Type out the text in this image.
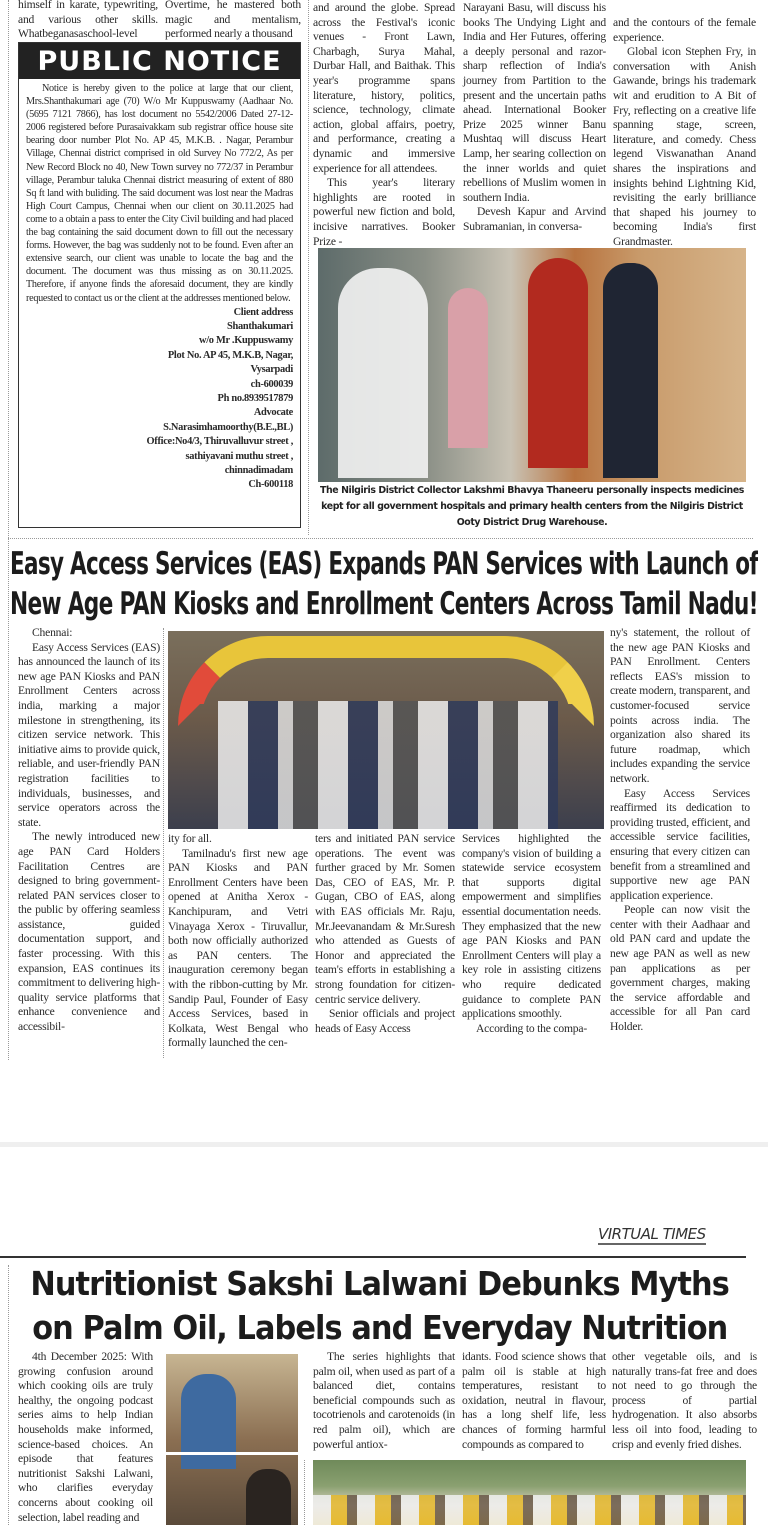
himself in karate, typewriting, and various other skills. Whatbeganasaschool-level

Overtime, he mastered both magic and mentalism, performed nearly a thousand

PUBLIC NOTICE

Notice is hereby given to the police at large that our client, Mrs.Shanthakumari age (70) W/o Mr Kuppuswamy (Aadhaar No. (5695 7121 7866), has lost document no 5542/2006 Dated 27-12-2006 registered before Purasaivakkam sub registrar office house site bearing door number Plot No. AP 45, M.K.B. . Nagar, Perambur Village, Chennai district comprised in old Survey No 772/2, As per New Record Block no 40, New Town survey no 772/37 in Perambur village, Perambur taluka Chennai district measuring of extent of 880 Sq ft land with buliding. The said document was lost near the Madras High Court Campus, Chennai when our client on 30.11.2025 had come to a obtain a pass to enter the City Civil building and had placed the bag containing the said document down to fill out the necessary forms. However, the bag was suddenly not to be found. Even after an extensive search, our client was unable to locate the bag and the document. The document was thus missing as on 30.11.2025. Therefore, if anyone finds the aforesaid document, they are kindly requested to contact us or the client at the addresses mentioned below.

Client address
Shanthakumari
w/o Mr .Kuppuswamy
Plot No. AP 45, M.K.B, Nagar,
Vysarpadi
ch-600039
Ph no.8939517879
Advocate
S.Narasimhamoorthy(B.E.,BL)
Office:No4/3, Thiruvalluvur street ,
sathiyavani muthu street ,
chinnadimadam
Ch-600118

and around the globe. Spread across the Festival's iconic venues - Front Lawn, Charbagh, Surya Mahal, Durbar Hall, and Baithak. This year's programme spans literature, history, politics, science, technology, climate action, global affairs, poetry, and performance, creating a dynamic and immersive experience for all attendees.

This year's literary highlights are rooted in powerful new fiction and bold, incisive narratives. Booker Prize -

Narayani Basu, will discuss his books The Undying Light and India and Her Futures, offering a deeply personal and razor-sharp reflection of India's journey from Partition to the present and the uncertain paths ahead. International Booker Prize 2025 winner Banu Mushtaq will discuss Heart Lamp, her searing collection on the inner worlds and quiet rebellions of Muslim women in southern India.

Devesh Kapur and Arvind Subramanian, in conversa-

and the contours of the female experience.

Global icon Stephen Fry, in conversation with Anish Gawande, brings his trademark wit and erudition to A Bit of Fry, reflecting on a creative life spanning stage, screen, literature, and comedy. Chess legend Viswanathan Anand shares the inspirations and insights behind Lightning Kid, revisiting the early brilliance that shaped his journey to becoming India's first Grandmaster.

The Nilgiris District Collector Lakshmi Bhavya Thaneeru personally inspects medicines kept for all government hospitals and primary health centers from the Nilgiris District Ooty District Drug Warehouse.
Easy Access Services (EAS) Expands PAN Services with Launch of
New Age PAN Kiosks and Enrollment Centers Across Tamil Nadu!

Chennai:

Easy Access Services (EAS) has announced the launch of its new age PAN Kiosks and PAN Enrollment Centers across india, marking a major milestone in strengthening, its citizen service network. This initiative aims to provide quick, reliable, and user-friendly PAN registration facilities to individuals, businesses, and service operators across the state.

The newly introduced new age PAN Card Holders Facilitation Centres are designed to bring government-related PAN services closer to the public by offering seamless assistance, guided documentation support, and faster processing. With this expansion, EAS continues its commitment to delivering high-quality service platforms that enhance convenience and accessibil-

ity for all.

Tamilnadu's first new age PAN Kiosks and PAN Enrollment Centers have been opened at Anitha Xerox - Kanchipuram, and Vetri Vinayaga Xerox - Tiruvallur, both now officially authorized as PAN centers. The inauguration ceremony began with the ribbon-cutting by Mr. Sandip Paul, Founder of Easy Access Services, based in Kolkata, West Bengal who formally launched the cen-

ters and initiated PAN service operations. The event was further graced by Mr. Somen Das, CEO of EAS, Mr. P. Gugan, CBO of EAS, along with EAS officials Mr. Raju, Mr.Jeevanandam & Mr.Suresh who attended as Guests of Honor and appreciated the team's efforts in establishing a strong foundation for citizen-centric service delivery.

Senior officials and project heads of Easy Access

Services highlighted the company's vision of building a statewide service ecosystem that supports digital empowerment and simplifies essential documentation needs. They emphasized that the new age PAN Kiosks and PAN Enrollment Centers will play a key role in assisting citizens who require dedicated guidance to complete PAN applications smoothly.

According to the compa-

ny's statement, the rollout of the new age PAN Kiosks and PAN Enrollment. Centers reflects EAS's mission to create modern, transparent, and customer-focused service points across india. The organization also shared its future roadmap, which includes expanding the service network.

Easy Access Services reaffirmed its dedication to providing trusted, efficient, and accessible service facilities, ensuring that every citizen can benefit from a streamlined and supportive new age PAN application experience.

People can now visit the center with their Aadhaar and old PAN card and update the new age PAN as well as new pan applications as per government charges, making the service affordable and accessible for all Pan card Holder.

VIRTUAL TIMES
Nutritionist Sakshi Lalwani Debunks Myths
on Palm Oil, Labels and Everyday Nutrition

4th December 2025: With growing confusion around which cooking oils are truly healthy, the ongoing podcast series aims to help Indian households make informed, science-based choices. An episode that features nutritionist Sakshi Lalwani, who clarifies everyday concerns about cooking oil selection, label reading and

The series highlights that palm oil, when used as part of a balanced diet, contains beneficial compounds such as tocotrienols and carotenoids (in red palm oil), which are powerful antiox-

idants. Food science shows that palm oil is stable at high temperatures, resistant to oxidation, neutral in flavour, has a long shelf life, less chances of forming harmful compounds as compared to

other vegetable oils, and is naturally trans-fat free and does not need to go through the process of partial hydrogenation. It also absorbs less oil into food, leading to crisp and evenly fried dishes.
